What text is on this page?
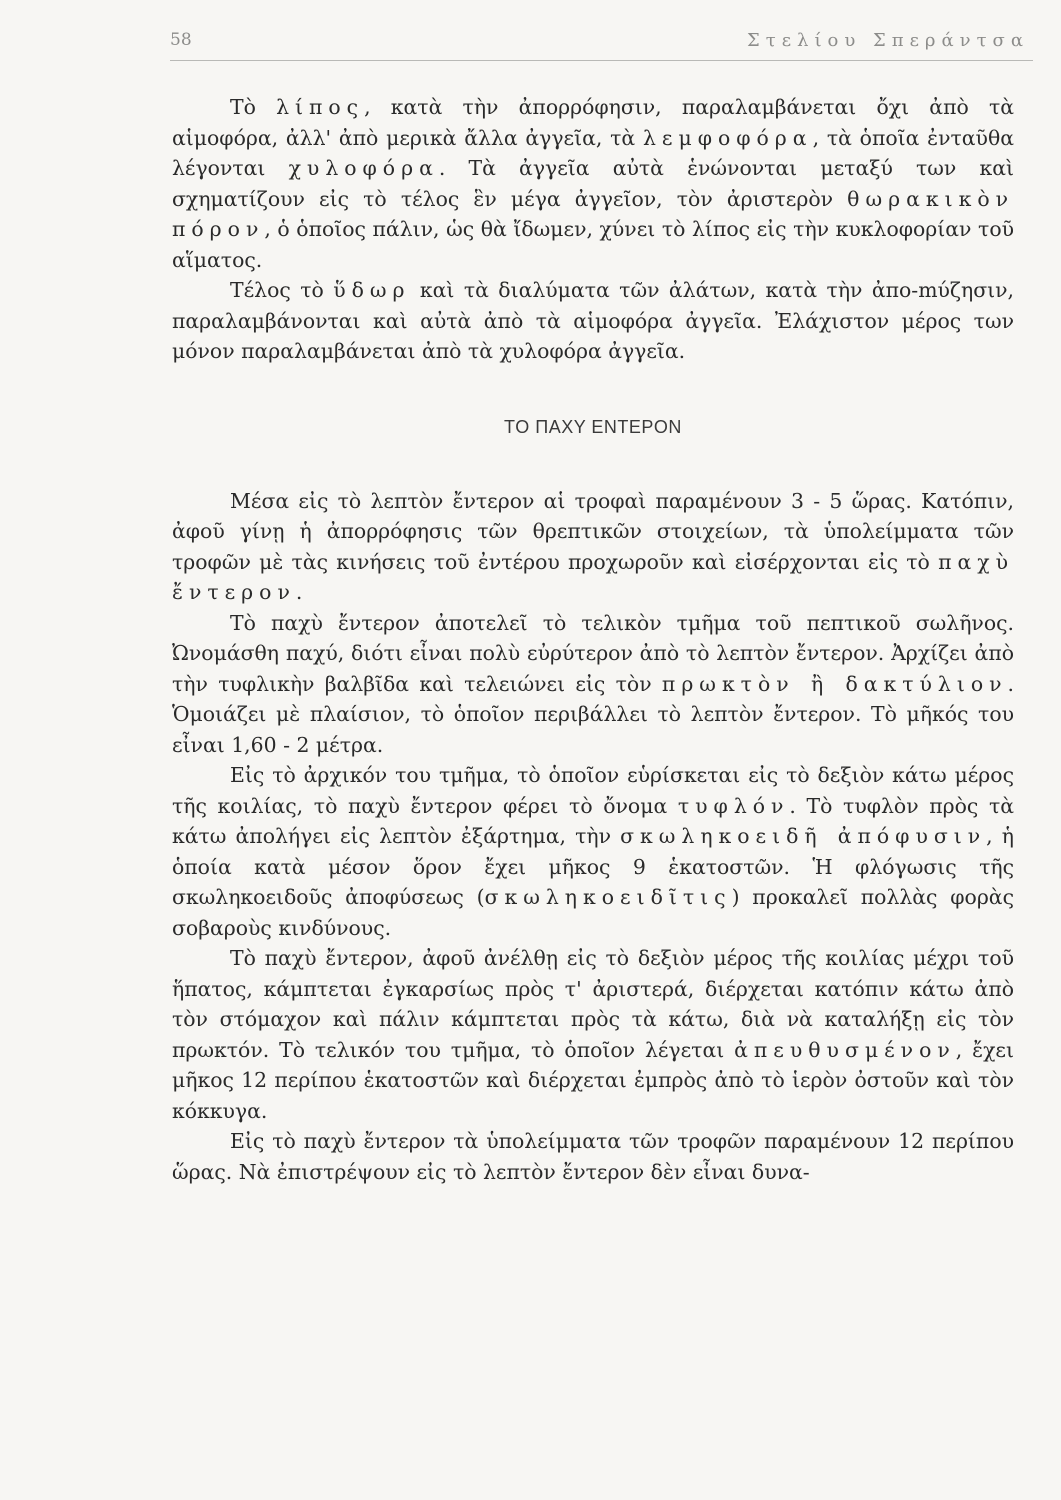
58	Στελίου Σπεράντσα

Τὸ λίπος, κατὰ τὴν ἀπορρόφησιν, παραλαμβάνεται ὄχι ἀπὸ τὰ αἱμοφόρα, ἀλλ' ἀπὸ μερικὰ ἄλλα ἀγγεῖα, τὰ λεμφοφόρα, τὰ ὁποῖα ἐνταῦθα λέγονται χυλοφόρα. Τὰ ἀγγεῖα αὐτὰ ἑνώνονται μεταξύ των καὶ σχηματίζουν εἰς τὸ τέλος ἓν μέγα ἀγγεῖον, τὸν ἀριστερὸν θωρακικὸν πόρον, ὁ ὁποῖος πάλιν, ὡς θὰ ἴδωμεν, χύνει τὸ λίπος εἰς τὴν κυκλοφορίαν τοῦ αἵματος.

Τέλος τὸ ὕδωρ καὶ τὰ διαλύματα τῶν ἀλάτων, κατὰ τὴν ἀπο-mύζησιν, παραλαμβάνονται καὶ αὐτὰ ἀπὸ τὰ αἱμοφόρα ἀγγεῖα. Ἐλάχιστον μέρος των μόνον παραλαμβάνεται ἀπὸ τὰ χυλοφόρα ἀγγεῖα.

ΤΟ ΠΑΧΥ ΕΝΤΕΡΟΝ

Μέσα εἰς τὸ λεπτὸν ἔντερον αἱ τροφαὶ παραμένουν 3 - 5 ὥρας. Κατόπιν, ἀφοῦ γίνῃ ἡ ἀπορρόφησις τῶν θρεπτικῶν στοιχείων, τὰ ὑπολείμματα τῶν τροφῶν μὲ τὰς κινήσεις τοῦ ἐντέρου προχωροῦν καὶ εἰσέρχονται εἰς τὸ παχὺ ἔντερον.

Τὸ παχὺ ἔντερον ἀποτελεῖ τὸ τελικὸν τμῆμα τοῦ πεπτικοῦ σωλῆνος. Ὠνομάσθη παχύ, διότι εἶναι πολὺ εὐρύτερον ἀπὸ τὸ λεπτὸν ἔντερον. Ἀρχίζει ἀπὸ τὴν τυφλικὴν βαλβῖδα καὶ τελειώνει εἰς τὸν πρωκτὸν ἢ δακτύλιον. Ὁμοιάζει μὲ πλαίσιον, τὸ ὁποῖον περιβάλλει τὸ λεπτὸν ἔντερον. Τὸ μῆκός του εἶναι 1,60 - 2 μέτρα.

Εἰς τὸ ἀρχικόν του τμῆμα, τὸ ὁποῖον εὑρίσκεται εἰς τὸ δεξιὸν κάτω μέρος τῆς κοιλίας, τὸ παχὺ ἔντερον φέρει τὸ ὄνομα τυφλόν. Τὸ τυφλὸν πρὸς τὰ κάτω ἀπολήγει εἰς λεπτὸν ἐξάρτημα, τὴν σκωληκοειδῆ ἀπόφυσιν, ἡ ὁποία κατὰ μέσον ὅρον ἔχει μῆκος 9 ἑκατοστῶν. Ἡ φλόγωσις τῆς σκωληκοειδοῦς ἀποφύσεως (σκωληκοειδῖτις) προκαλεῖ πολλὰς φορὰς σοβαροὺς κινδύνους.

Τὸ παχὺ ἔντερον, ἀφοῦ ἀνέλθῃ εἰς τὸ δεξιὸν μέρος τῆς κοιλίας μέχρι τοῦ ἥπατος, κάμπτεται ἐγκαρσίως πρὸς τ' ἀριστερά, διέρχεται κατόπιν κάτω ἀπὸ τὸν στόμαχον καὶ πάλιν κάμπτεται πρὸς τὰ κάτω, διὰ νὰ καταλήξῃ εἰς τὸν πρωκτόν. Τὸ τελικόν του τμῆμα, τὸ ὁποῖον λέγεται ἀπευθυσμένον, ἔχει μῆκος 12 περίπου ἑκατοστῶν καὶ διέρχεται ἐμπρὸς ἀπὸ τὸ ἱερὸν ὀστοῦν καὶ τὸν κόκκυγα.

Εἰς τὸ παχὺ ἔντερον τὰ ὑπολείμματα τῶν τροφῶν παραμένουν 12 περίπου ὥρας. Νὰ ἐπιστρέψουν εἰς τὸ λεπτὸν ἔντερον δὲν εἶναι δυνα-
